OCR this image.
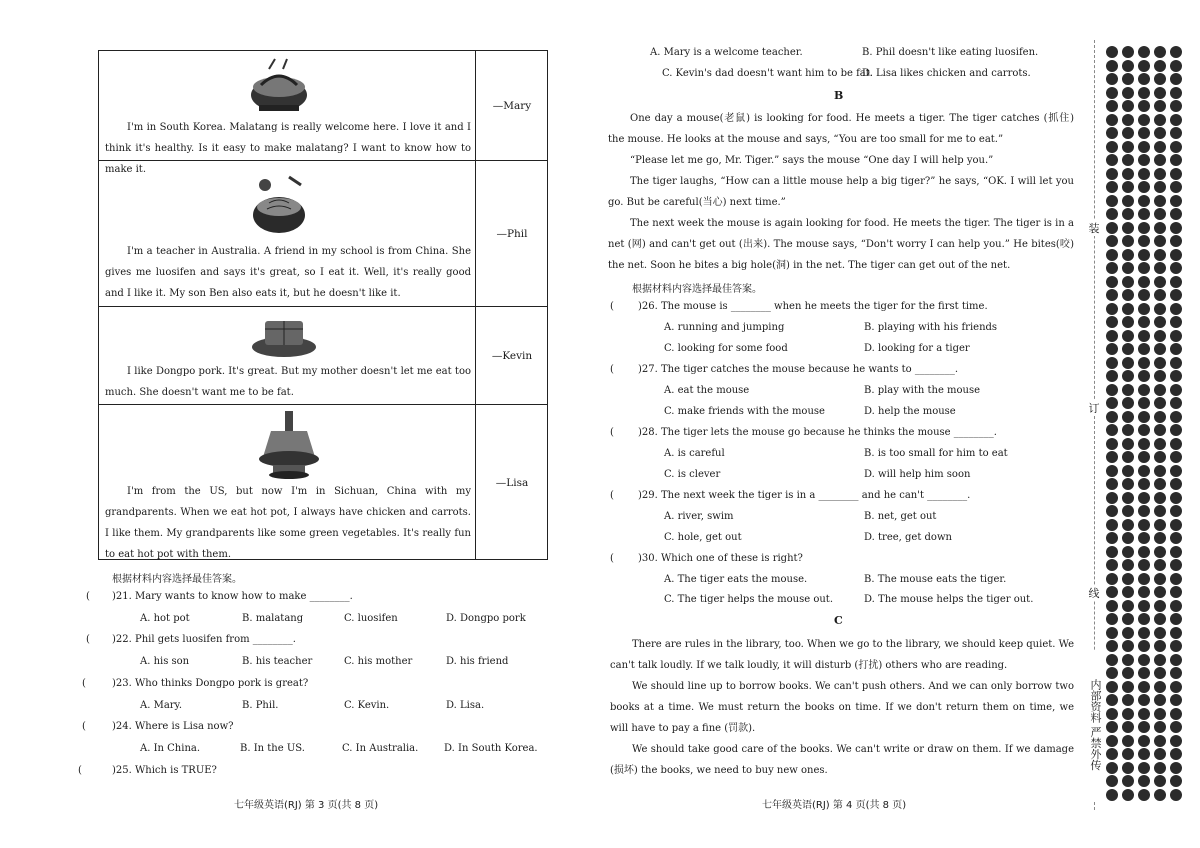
I'm in South Korea. Malatang is really welcome here. I love it and I think it's healthy. Is it easy to make malatang? I want to know how to make it.
—Mary
I'm a teacher in Australia. A friend in my school is from China. She gives me luosifen and says it's great, so I eat it. Well, it's really good and I like it. My son Ben also eats it, but he doesn't like it.
—Phil
I like Dongpo pork. It's great. But my mother doesn't let me eat too much. She doesn't want me to be fat.
—Kevin
I'm from the US, but now I'm in Sichuan, China with my grandparents. When we eat hot pot, I always have chicken and carrots. I like them. My grandparents like some green vegetables. It's really fun to eat hot pot with them.
—Lisa
根据材料内容选择最佳答案。
( )21. Mary wants to know how to make ________.
A. hot pot	B. malatang	C. luosifen	D. Dongpo pork
( )22. Phil gets luosifen from ________.
A. his son	B. his teacher	C. his mother	D. his friend
(	)23. Who thinks Dongpo pork is great?
A. Mary.	B. Phil.	C. Kevin.	D. Lisa.
(	)24. Where is Lisa now?
A. In China.	B. In the US.	C. In Australia.	D. In South Korea.
(	)25. Which is TRUE?
七年级英语(RJ) 第 3 页(共 8 页)
A. Mary is a welcome teacher.	B. Phil doesn't like eating luosifen.
C. Kevin's dad doesn't want him to be fat.
D. Lisa likes chicken and carrots.
B
One day a mouse(老鼠) is looking for food. He meets a tiger. The tiger catches (抓住) the mouse. He looks at the mouse and says, “You are too small for me to eat.”
“Please let me go, Mr. Tiger.” says the mouse “One day I will help you.”
The tiger laughs, “How can a little mouse help a big tiger?” he says, “OK. I will let you go. But be careful(当心) next time.”
The next week the mouse is again looking for food. He meets the tiger. The tiger is in a net (网) and can't get out (出来). The mouse says, “Don't worry I can help you.” He bites(咬) the net. Soon he bites a big hole(洞) in the net. The tiger can get out of the net.
根据材料内容选择最佳答案。
( )26. The mouse is ________ when he meets the tiger for the first time.
A. running and jumping	B. playing with his friends
C. looking for some food	D. looking for a tiger
( )27. The tiger catches the mouse because he wants to ________.
A. eat the mouse	B. play with the mouse
C. make friends with the mouse	D. help the mouse
( )28. The tiger lets the mouse go because he thinks the mouse ________.
A. is careful	B. is too small for him to eat
C. is clever	D. will help him soon
( )29. The next week the tiger is in a ________ and he can't ________.
A. river, swim	B. net, get out
C. hole, get out	D. tree, get down
( )30. Which one of these is right?
A. The tiger eats the mouse.	B. The mouse eats the tiger.
C. The tiger helps the mouse out.	D. The mouse helps the tiger out.
C
There are rules in the library, too. When we go to the library, we should keep quiet. We can't talk loudly. If we talk loudly, it will disturb (打扰) others who are reading.
We should line up to borrow books. We can't push others. And we can only borrow two books at a time. We must return the books on time. If we don't return them on time, we will have to pay a fine (罚款).
We should take good care of the books. We can't write or draw on them. If we damage (损坏) the books, we need to buy new ones.
七年级英语(RJ) 第 4 页(共 8 页)
装
订
线
内部资料 严禁外传
